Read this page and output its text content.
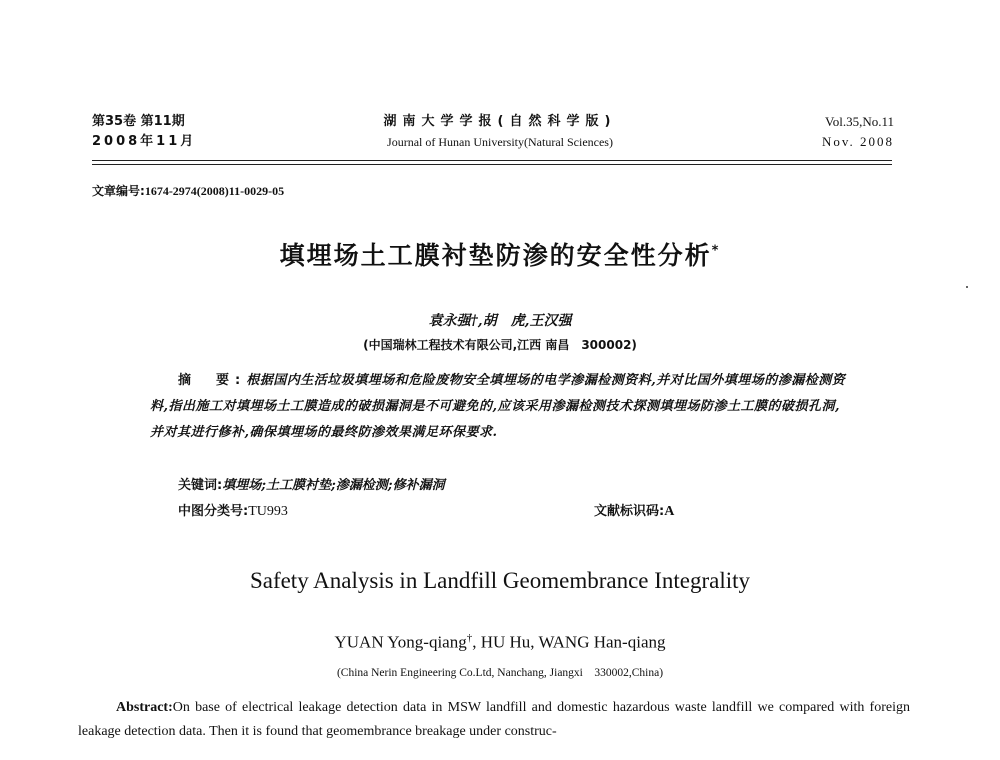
第35卷 第11期
2008年11月
湖南大学学报(自然科学版)
Journal of Hunan University(Natural Sciences)
Vol.35,No.11
Nov. 2008
文章编号:1674-2974(2008)11-0029-05
填埋场土工膜衬垫防渗的安全性分析*
袁永强†,胡　虎,王汉强
(中国瑞林工程技术有限公司,江西 南昌　300002)
摘　要:根据国内生活垃圾填埋场和危险废物安全填埋场的电学渗漏检测资料,并对比国外填埋场的渗漏检测资料,指出施工对填埋场土工膜造成的破损漏洞是不可避免的,应该采用渗漏检测技术探测填埋场防渗土工膜的破损孔洞,并对其进行修补,确保填埋场的最终防渗效果满足环保要求.
关键词:填埋场;土工膜衬垫;渗漏检测;修补漏洞
中图分类号:TU993	文献标识码:A
Safety Analysis in Landfill Geomembrance Integrality
YUAN Yong-qiang†, HU Hu, WANG Han-qiang
(China Nerin Engineering Co.Ltd, Nanchang, Jiangxi　330002,China)
Abstract:On base of electrical leakage detection data in MSW landfill and domestic hazardous waste landfill we compared with foreign leakage detection data. Then it is found that geomembrance breakage under construc-
